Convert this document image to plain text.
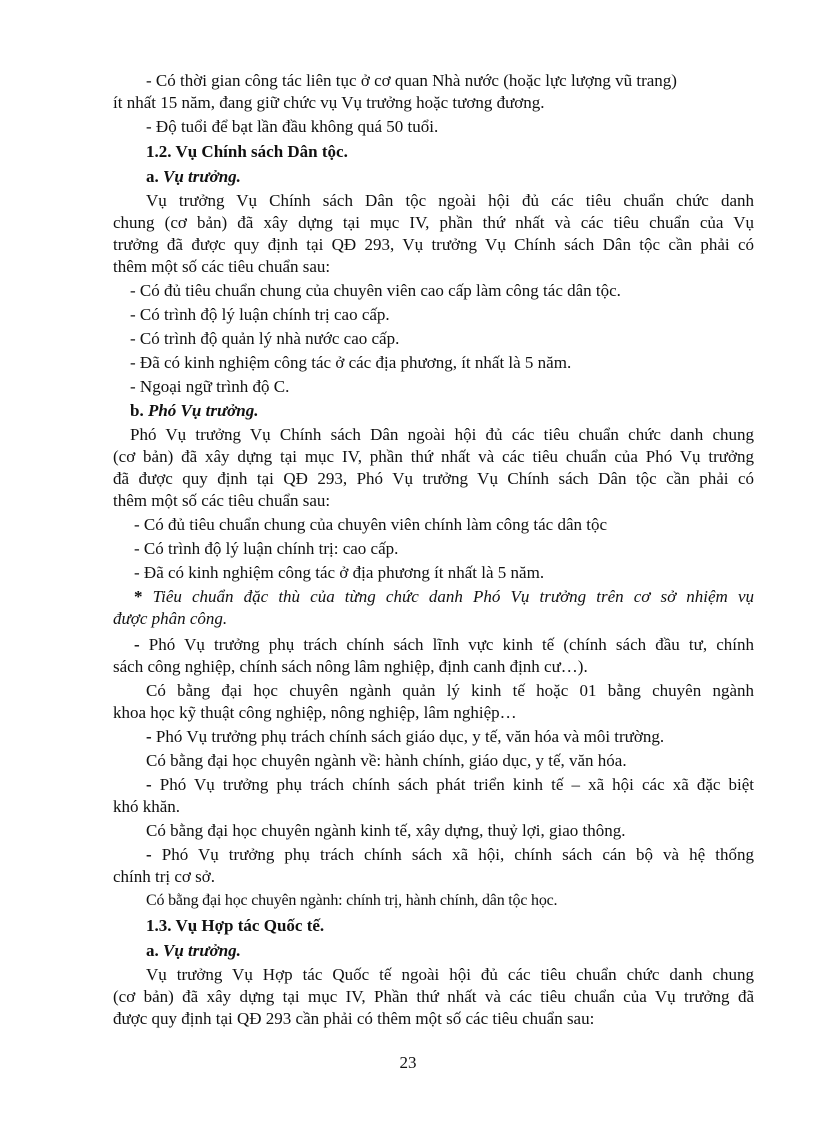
- Có thời gian công tác liên tục ở cơ quan Nhà nước (hoặc lực lượng vũ trang)
ít nhất 15 năm, đang giữ chức vụ Vụ trưởng hoặc tương đương.
- Độ tuổi để bạt lần đầu không quá 50 tuổi.
1.2. Vụ Chính sách Dân tộc.
a. Vụ trưởng.
Vụ trưởng Vụ Chính sách Dân tộc ngoài hội đủ các tiêu chuẩn chức danh
chung (cơ bản) đã xây dựng tại mục IV, phần thứ nhất và các tiêu chuẩn của Vụ
trưởng đã được quy định tại QĐ 293, Vụ trưởng Vụ Chính sách Dân tộc cần phải có
thêm một số các tiêu chuẩn sau:
- Có đủ tiêu chuẩn chung của chuyên viên cao cấp làm công tác dân tộc.
- Có trình độ lý luận chính trị cao cấp.
- Có trình độ quản lý nhà nước cao cấp.
- Đã có kinh nghiệm công tác ở các địa phương, ít nhất là 5 năm.
- Ngoại ngữ trình độ C.
b. Phó Vụ trưởng.
Phó Vụ trưởng Vụ Chính sách Dân ngoài hội đủ các tiêu chuẩn chức danh chung
(cơ bản) đã xây dựng tại mục IV, phần thứ nhất và các tiêu chuẩn của Phó Vụ trưởng
đã được quy định tại QĐ 293, Phó Vụ trưởng Vụ Chính sách Dân tộc cần phải có
thêm một số các tiêu chuẩn sau:
- Có đủ tiêu chuẩn chung của chuyên viên chính làm công tác dân tộc
- Có trình độ lý luận chính trị: cao cấp.
- Đã có kinh nghiệm công tác ở địa phương ít nhất là 5 năm.
* Tiêu chuẩn đặc thù của từng chức danh Phó Vụ trưởng trên cơ sở nhiệm vụ
được phân công.
- Phó Vụ trưởng phụ trách chính sách lĩnh vực kinh tế (chính sách đầu tư, chính
sách công nghiệp, chính sách nông lâm nghiệp, định canh định cư…).
Có bằng đại học chuyên ngành quản lý kinh tế hoặc 01 bằng chuyên ngành
khoa học kỹ thuật công nghiệp, nông nghiệp, lâm nghiệp…
- Phó Vụ trưởng phụ trách chính sách giáo dục, y tế, văn hóa và môi trường.
Có bằng đại học chuyên ngành về: hành chính, giáo dục, y tế, văn hóa.
- Phó Vụ trưởng phụ trách chính sách phát triển kinh tế – xã hội các xã đặc biệt
khó khăn.
Có bằng đại học chuyên ngành kinh tế, xây dựng, thuỷ lợi, giao thông.
- Phó Vụ trưởng phụ trách chính sách xã hội, chính sách cán bộ và hệ thống
chính trị cơ sở.
Có bằng đại học chuyên ngành: chính trị, hành chính, dân tộc học.
1.3. Vụ Hợp tác Quốc tế.
a. Vụ trưởng.
Vụ trưởng Vụ Hợp tác Quốc tế ngoài hội đủ các tiêu chuẩn chức danh chung
(cơ bản) đã xây dựng tại mục IV, Phần thứ nhất và các tiêu chuẩn của Vụ trưởng đã
được quy định tại QĐ 293 cần phải có thêm một số các tiêu chuẩn sau:
23
